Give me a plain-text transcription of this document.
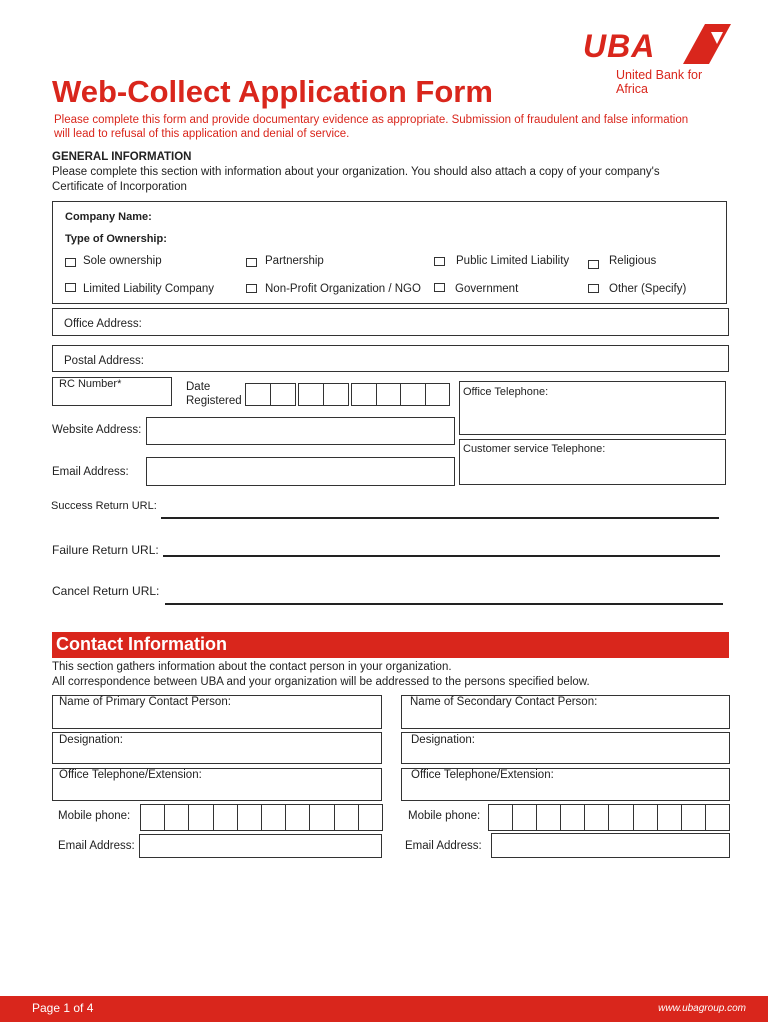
UBA
United Bank for Africa
Web-Collect Application Form
Please complete this form and provide documentary evidence as appropriate. Submission of fraudulent and false information
will lead to refusal of this application and denial of service.
GENERAL INFORMATION
Please complete this section with information about your organization. You should also attach a copy of your company's
Certificate of Incorporation
Company Name:
Type of Ownership:
Sole ownership	Partnership	Public Limited Liability	Religious
Limited Liability Company	Non-Profit Organization / NGO	Government	Other (Specify)
Office Address:
Postal Address:
RC Number*	Date
Registered
Office Telephone:
Website Address:
Customer service Telephone:
Email Address:
Success Return URL:
Failure Return URL:
Cancel Return URL:
Contact Information
This section gathers information about the contact person in your organization.
All correspondence between UBA and your organization will be addressed to the persons specified below.
Name of Primary Contact Person:
Designation:
Office Telephone/Extension:
Mobile phone:
Email Address:
Name of Secondary Contact Person:
Designation:
Office Telephone/Extension:
Mobile phone:
Email Address:
Page 1 of 4	www.ubagroup.com
